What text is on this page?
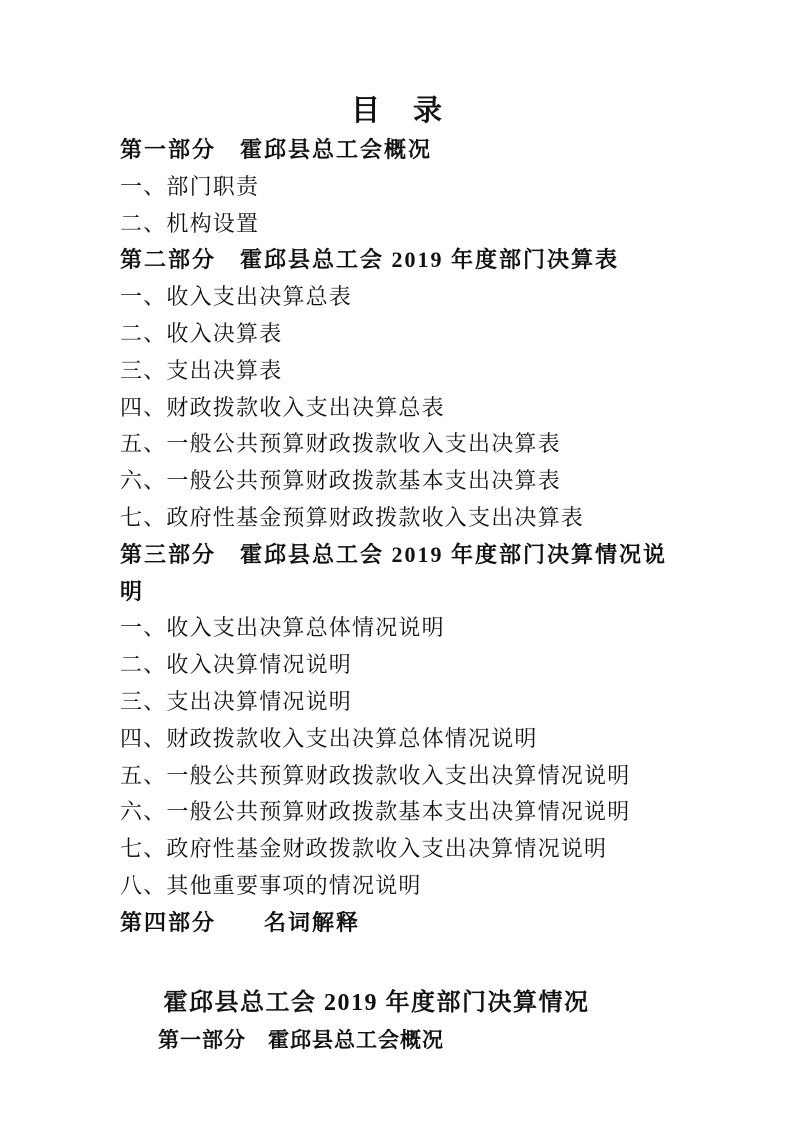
目　录
第一部分　霍邱县总工会概况
一、部门职责
二、机构设置
第二部分　霍邱县总工会 2019 年度部门决算表
一、收入支出决算总表
二、收入决算表
三、支出决算表
四、财政拨款收入支出决算总表
五、一般公共预算财政拨款收入支出决算表
六、一般公共预算财政拨款基本支出决算表
七、政府性基金预算财政拨款收入支出决算表
第三部分　霍邱县总工会 2019 年度部门决算情况说明
一、收入支出决算总体情况说明
二、收入决算情况说明
三、支出决算情况说明
四、财政拨款收入支出决算总体情况说明
五、一般公共预算财政拨款收入支出决算情况说明
六、一般公共预算财政拨款基本支出决算情况说明
七、政府性基金财政拨款收入支出决算情况说明
八、其他重要事项的情况说明
第四部分　　名词解释
霍邱县总工会 2019 年度部门决算情况
第一部分　霍邱县总工会概况
